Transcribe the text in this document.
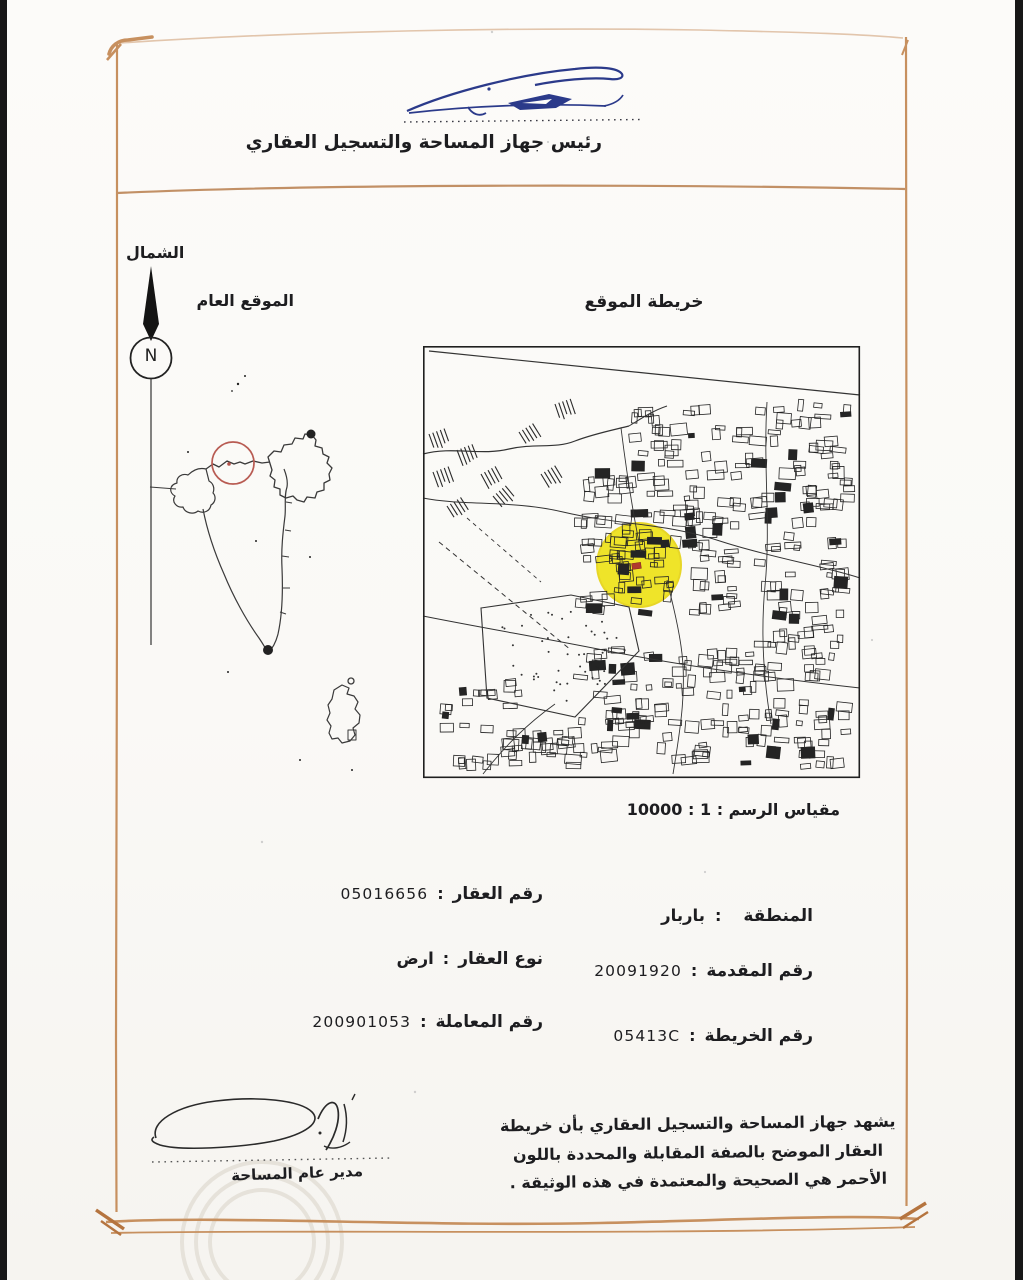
رئيس جهاز المساحة والتسجيل العقاري
الشمال
N
الموقع العام	خريطة الموقع
مقياس الرسم : 1 : 10000
رقم العقار
:
05016656
نوع العقار
:
ارض
رقم المعاملة
:
200901053
المنطقة
:
باربار
رقم المقدمة
:
20091920
رقم الخريطة
:
05413C
يشهد جهاز المساحة والتسجيل العقاري بأن خريطة
العقار الموضح بالصفة المقابلة والمحددة باللون
الأحمر هي الصحيحة والمعتمدة في هذه الوثيقة .
مدير عام المساحة
